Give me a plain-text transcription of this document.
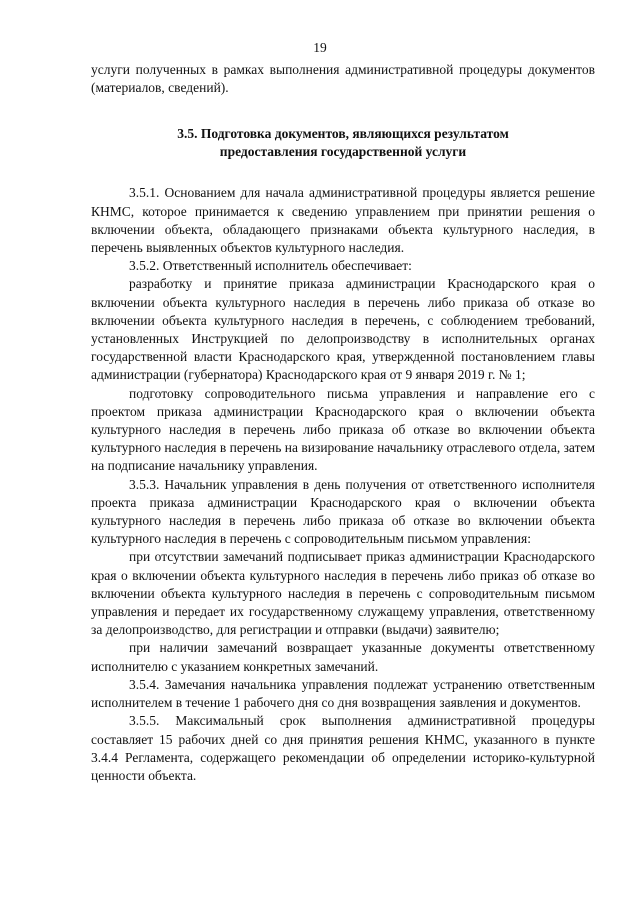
19

услуги полученных в рамках выполнения административной процедуры документов (материалов, сведений).

3.5. Подготовка документов, являющихся результатом
предоставления государственной услуги

3.5.1. Основанием для начала административной процедуры является решение КНМС, которое принимается к сведению управлением при принятии решения о включении объекта, обладающего признаками объекта культурного наследия, в перечень выявленных объектов культурного наследия.

3.5.2. Ответственный исполнитель обеспечивает:

разработку и принятие приказа администрации Краснодарского края о включении объекта культурного наследия в перечень либо приказа об отказе во включении объекта культурного наследия в перечень, с соблюдением требований, установленных Инструкцией по делопроизводству в исполнительных органах государственной власти Краснодарского края, утвержденной постановлением главы администрации (губернатора) Краснодарского края от 9 января 2019 г. № 1;

подготовку сопроводительного письма управления и направление его с проектом приказа администрации Краснодарского края о включении объекта культурного наследия в перечень либо приказа об отказе во включении объекта культурного наследия в перечень на визирование начальнику отраслевого отдела, затем на подписание начальнику управления.

3.5.3. Начальник управления в день получения от ответственного исполнителя проекта приказа администрации Краснодарского края о включении объекта культурного наследия в перечень либо приказа об отказе во включении объекта культурного наследия в перечень с сопроводительным письмом управления:

при отсутствии замечаний подписывает приказ администрации Краснодарского края о включении объекта культурного наследия в перечень либо приказ об отказе во включении объекта культурного наследия в перечень с сопроводительным письмом управления и передает их государственному служащему управления, ответственному за делопроизводство, для регистрации и отправки (выдачи) заявителю;

при наличии замечаний возвращает указанные документы ответственному исполнителю с указанием конкретных замечаний.

3.5.4. Замечания начальника управления подлежат устранению ответственным исполнителем в течение 1 рабочего дня со дня возвращения заявления и документов.

3.5.5. Максимальный срок выполнения административной процедуры составляет 15 рабочих дней со дня принятия решения КНМС, указанного в пункте 3.4.4 Регламента, содержащего рекомендации об определении историко-культурной ценности объекта.
